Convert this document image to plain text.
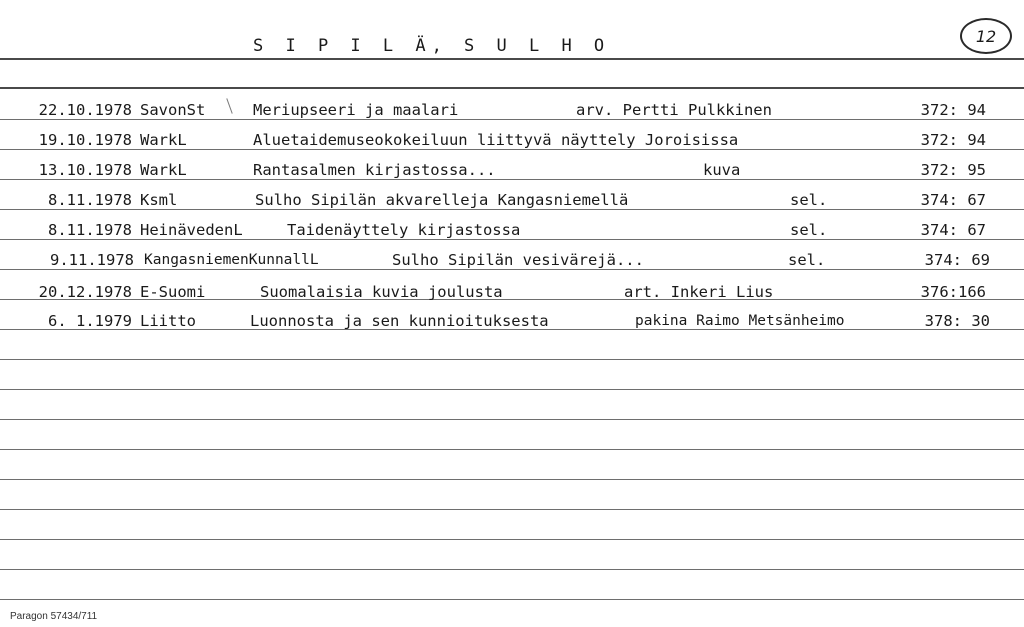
S I P I L Ä, S U L H O	12
22.10.1978 SavonSt	Meriupseeri ja maalari	arv. Pertti Pulkkinen	372: 94
19.10.1978 WarkL	Aluetaidemuseokokeiluun liittyvä näyttely Joroisissa	372: 94
13.10.1978 WarkL	Rantasalmen kirjastossa...	kuva	372: 95
8.11.1978 Ksml	Sulho Sipilän akvarelleja Kangasniemellä	sel.	374: 67
8.11.1978 HeinävedenL	Taidenäyttely kirjastossa	sel.	374: 67
9.11.1978 KangasniemenKunnallL	Sulho Sipilän vesivärejä...	sel.	374: 69
20.12.1978 E-Suomi	Suomalaisia kuvia joulusta	art. Inkeri Lius	376:166
6. 1.1979 Liitto	Luonnosta ja sen kunnioituksesta	pakina Raimo Metsänheimo	378: 30
Paragon 57434/711
